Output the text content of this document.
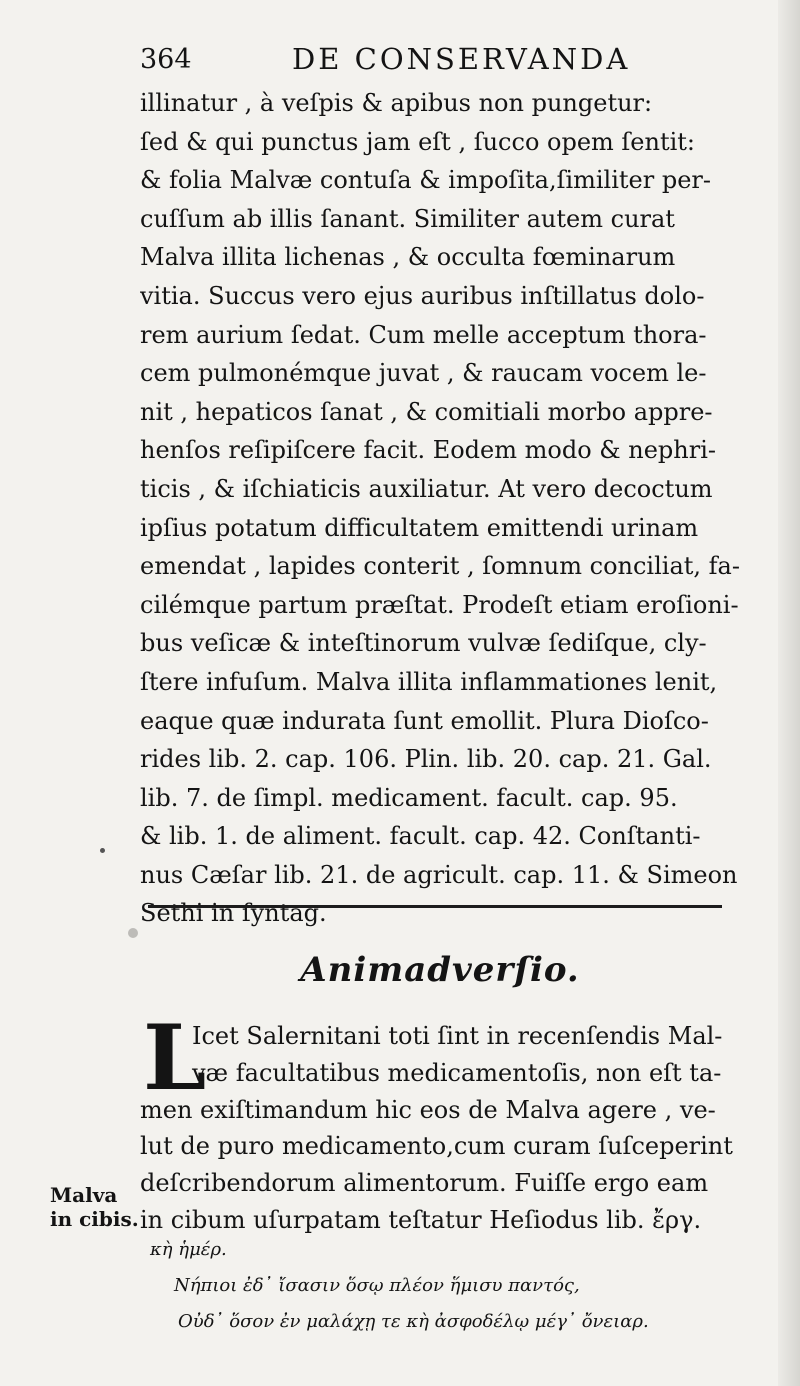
364	DE CONSERVANDA
illinatur , à veſpis & apibus non pungetur:
ſed & qui punctus jam eſt , ſucco opem ſentit:
& folia Malvæ contuſa & impoſita,ſimiliter per-
cuſſum ab illis ſanant. Similiter autem curat
Malva illita lichenas , & occulta fœminarum
vitia. Succus vero ejus auribus inſtillatus dolo-
rem aurium ſedat. Cum melle acceptum thora-
cem pulmonémque juvat , & raucam vocem le-
nit , hepaticos ſanat , & comitiali morbo appre-
henſos reſipiſcere facit. Eodem modo & nephri-
ticis , & iſchiaticis auxiliatur. At vero decoctum
ipſius potatum difficultatem emittendi urinam
emendat , lapides conterit , ſomnum conciliat, fa-
cilémque partum præſtat. Prodeſt etiam eroſioni-
bus veſicæ & inteſtinorum vulvæ ſediſque, cly-
ſtere infuſum. Malva illita inflammationes lenit,
eaque quæ indurata ſunt emollit. Plura Dioſco-
rides lib. 2. cap. 106. Plin. lib. 20. cap. 21. Gal.
lib. 7. de ſimpl. medicament. facult. cap. 95.
& lib. 1. de aliment. facult. cap. 42. Conſtanti-
nus Cæſar lib. 21. de agricult. cap. 11. & Simeon
Sethi in ſyntag.
Animadverſio.
L
Icet Salernitani toti ſint in recenſendis Mal-
væ facultatibus medicamentoſis, non eſt ta-
men exiſtimandum hic eos de Malva agere , ve-
lut de puro medicamento,cum curam ſuſceperint
deſcribendorum alimentorum. Fuiſſe ergo eam
in cibum uſurpatam teſtatur Heſiodus lib. ἔργ.
Malva
in cibis.
κὴ ἡμέρ.
Νήπιοι ἐδ᾽ ἴσασιν ὅσῳ πλέον ἥμισυ παντός,
Οὐδ᾽ ὅσον ἐν μαλάχῃ τε κὴ ἀσφοδέλῳ μέγ᾽ ὄνειαρ.
